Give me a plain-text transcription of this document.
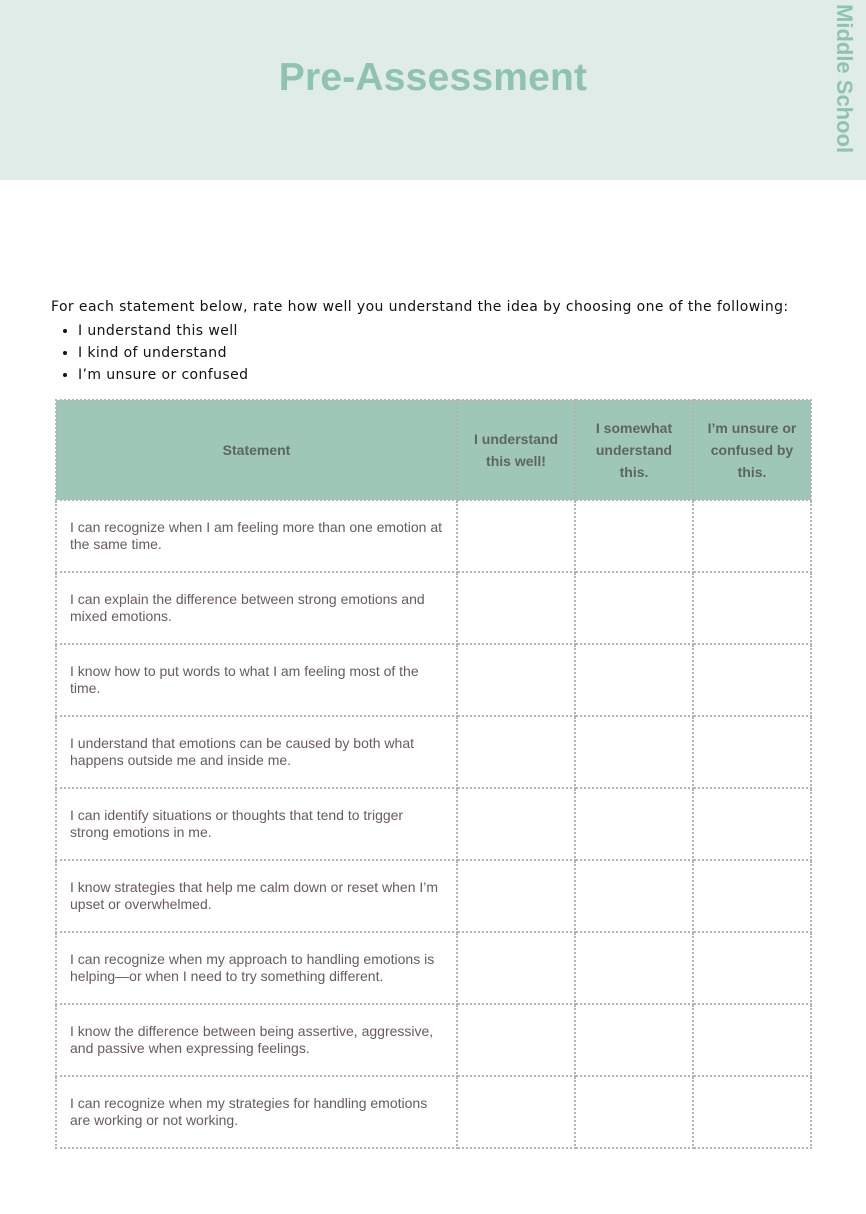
Pre-Assessment	Middle School

For each statement below, rate how well you understand the idea by choosing one of the following:

• I understand this well
• I kind of understand
• I’m unsure or confused
Statement	I understand this well!	I somewhat understand this.	I’m unsure or confused by this.
I can recognize when I am feeling more than one emotion at the same time.			
I can explain the difference between strong emotions and mixed emotions.			
I know how to put words to what I am feeling most of the time.			
I understand that emotions can be caused by both what happens outside me and inside me.			
I can identify situations or thoughts that tend to trigger strong emotions in me.			
I know strategies that help me calm down or reset when I’m upset or overwhelmed.			
I can recognize when my approach to handling emotions is helping—or when I need to try something different.			
I know the difference between being assertive, aggressive, and passive when expressing feelings.			
I can recognize when my strategies for handling emotions are working or not working.			
